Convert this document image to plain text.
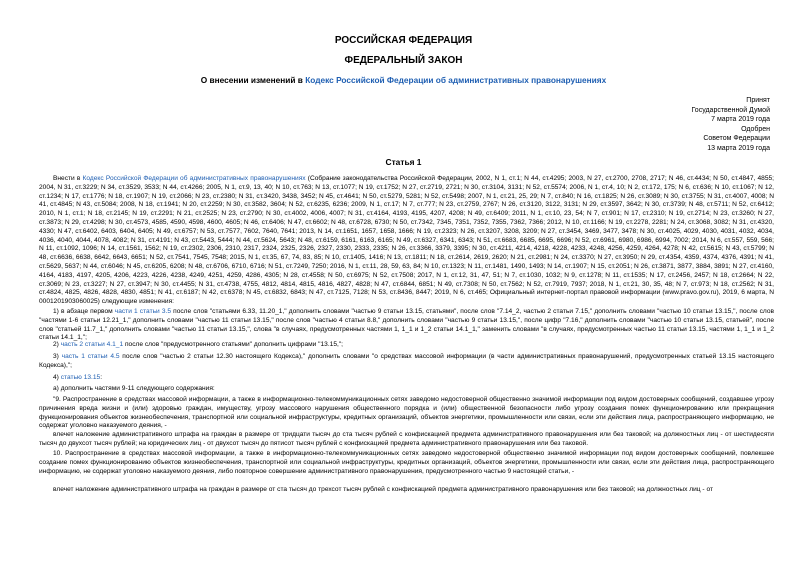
РОССИЙСКАЯ ФЕДЕРАЦИЯ
ФЕДЕРАЛЬНЫЙ ЗАКОН
О внесении изменений в Кодекс Российской Федерации об административных правонарушениях
Принят
Государственной Думой
7 марта 2019 года
Одобрен
Советом Федерации
13 марта 2019 года
Статья 1
Внести в Кодекс Российской Федерации об административных правонарушениях (Собрание законодательства Российской Федерации, 2002, N 1, ст.1; N 44, ст.4295; 2003, N 27, ст.2700, 2708, 2717; N 46, ст.4434; N 50, ст.4847, 4855; 2004, N 31, ст.3229; N 34, ст.3529, 3533; N 44, ст.4266; 2005, N 1, ст.9, 13, 40; N 10, ст.763; N 13, ст.1077; N 19, ст.1752; N 27, ст.2719, 2721; N 30, ст.3104, 3131; N 52, ст.5574; 2006, N 1, ст.4, 10; N 2, ст.172, 175; N 6, ст.636; N 10, ст.1067; N 12, ст.1234; N 17, ст.1776; N 18, ст.1907; N 19, ст.2066; N 23, ст.2380; N 31, ст.3420, 3438, 3452; N 45, ст.4641; N 50, ст.5279, 5281; N 52, ст.5498; 2007, N 1, ст.21, 25, 29; N 7, ст.840; N 16, ст.1825; N 26, ст.3089; N 30, ст.3755; N 31, ст.4007, 4008; N 41, ст.4845; N 43, ст.5084; 2008, N 18, ст.1941; N 20, ст.2259; N 30, ст.3582, 3604; N 52, ст.6235, 6236; 2009, N 1, ст.17; N 7, ст.777; N 23, ст.2759, 2767; N 26, ст.3120, 3122, 3131; N 29, ст.3597, 3642; N 30, ст.3739; N 48, ст.5711; N 52, ст.6412; 2010, N 1, ст.1; N 18, ст.2145; N 19, ст.2291; N 21, ст.2525; N 23, ст.2790; N 30, ст.4002, 4006, 4007; N 31, ст.4164, 4193, 4195, 4207, 4208; N 49, ст.6409; 2011, N 1, ст.10, 23, 54; N 7, ст.901; N 17, ст.2310; N 19, ст.2714; N 23, ст.3260; N 27, ст.3873; N 29, ст.4298; N 30, ст.4573, 4585, 4590, 4598, 4600, 4605; N 46, ст.6406; N 47, ст.6602; N 48, ст.6728, 6730; N 50, ст.7342, 7345, 7351, 7352, 7355, 7362, 7366; 2012, N 10, ст.1166; N 19, ст.2278, 2281; N 24, ст.3068, 3082; N 31, ст.4320, 4330; N 47, ст.6402, 6403, 6404, 6405; N 49, ст.6757; N 53, ст.7577, 7602, 7640, 7641; 2013, N 14, ст.1651, 1657, 1658, 1666; N 19, ст.2323; N 26, ст.3207, 3208, 3209; N 27, ст.3454, 3469, 3477, 3478; N 30, ст.4025, 4029, 4030, 4031, 4032, 4034, 4036, 4040, 4044, 4078, 4082; N 31, ст.4191; N 43, ст.5443, 5444; N 44, ст.5624, 5643; N 48, ст.6159, 6161, 6163, 6165; N 49, ст.6327, 6341, 6343; N 51, ст.6683, 6685, 6695, 6696; N 52, ст.6961, 6980, 6986, 6994, 7002; 2014, N 6, ст.557, 559, 566; N 11, ст.1092, 1096; N 14, ст.1561, 1562; N 19, ст.2302, 2306, 2310, 2317, 2324, 2325, 2326, 2327, 2330, 2333, 2335; N 26, ст.3366, 3379, 3395; N 30, ст.4211, 4214, 4218, 4228, 4233, 4248, 4256, 4259, 4264, 4278; N 42, ст.5615; N 43, ст.5799; N 48, ст.6636, 6638, 6642, 6643, 6651; N 52, ст.7541, 7545, 7548; 2015, N 1, ст.35, 67, 74, 83, 85; N 10, ст.1405, 1416; N 13, ст.1811; N 18, ст.2614, 2619, 2620; N 21, ст.2981; N 24, ст.3370; N 27, ст.3950; N 29, ст.4354, 4359, 4374, 4376, 4391; N 41, ст.5629, 5637; N 44, ст.6046; N 45, ст.6205, 6208; N 48, ст.6706, 6710, 6716; N 51, ст.7249, 7250; 2016, N 1, ст.11, 28, 59, 63, 84; N 10, ст.1323; N 11, ст.1481, 1490, 1493; N 14, ст.1907; N 15, ст.2051; N 26, ст.3871, 3877, 3884, 3891; N 27, ст.4160, 4164, 4183, 4197, 4205, 4206, 4223, 4226, 4238, 4249, 4251, 4259, 4286, 4305; N 28, ст.4558; N 50, ст.6975; N 52, ст.7508; 2017, N 1, ст.12, 31, 47, 51; N 7, ст.1030, 1032; N 9, ст.1278; N 11, ст.1535; N 17, ст.2456, 2457; N 18, ст.2664; N 22, ст.3069; N 23, ст.3227; N 27, ст.3947; N 30, ст.4455; N 31, ст.4738, 4755, 4812, 4814, 4815, 4816, 4827, 4828; N 47, ст.6844, 6851; N 49, ст.7308; N 50, ст.7562; N 52, ст.7919, 7937; 2018, N 1, ст.21, 30, 35, 48; N 7, ст.973; N 18, ст.2562; N 31, ст.4824, 4825, 4826, 4828, 4830, 4851; N 41, ст.6187; N 42, ст.6378; N 45, ст.6832, 6843; N 47, ст.7125, 7128; N 53, ст.8436, 8447; 2019, N 6, ст.465; Официальный интернет-портал правовой информации (www.pravo.gov.ru), 2019, 6 марта, N 0001201903060025) следующие изменения:
1) в абзаце первом части 1 статьи 3.5 после слов "статьями 6.33, 11.20_1," дополнить словами "частью 9 статьи 13.15, статьями", после слов "7.14_2, частью 2 статьи 7.15," дополнить словами "частью 10 статьи 13.15,", после слов "частями 1-6 статьи 12.21_1," дополнить словами "частью 11 статьи 13.15," после слов "частью 4 статьи 8.8," дополнить словами "частью 9 статьи 13.15,", после цифр "7.16," дополнить словами "частью 10 статьи 13.15, статьей", после слов "статьей 11.7_1," дополнить словами "частью 11 статьи 13.15,", слова "в случаях, предусмотренных частями 1, 1_1 и 1_2 статьи 14.1_1," заменить словами "в случаях, предусмотренных частью 11 статьи 13.15, частями 1, 1_1 и 1_2 статьи 14.1_1,";
2) часть 2 статьи 4.1_1 после слов "предусмотренного статьями" дополнить цифрами "13.15,";
3) часть 1 статьи 4.5 после слов "частью 2 статьи 12.30 настоящего Кодекса)," дополнить словами "о средствах массовой информации (в части административных правонарушений, предусмотренных статьей 13.15 настоящего Кодекса),";
4) статью 13.15:
а) дополнить частями 9-11 следующего содержания:
"9. Распространение в средствах массовой информации, а также в информационно-телекоммуникационных сетях заведомо недостоверной общественно значимой информации под видом достоверных сообщений, создавшее угрозу причинения вреда жизни и (или) здоровью граждан, имуществу, угрозу массового нарушения общественного порядка и (или) общественной безопасности либо угрозу создания помех функционированию или прекращения функционирования объектов жизнеобеспечения, транспортной или социальной инфраструктуры, кредитных организаций, объектов энергетики, промышленности или связи, если эти действия лица, распространяющего информацию, не содержат уголовно наказуемого деяния, -
влечет наложение административного штрафа на граждан в размере от тридцати тысяч до ста тысяч рублей с конфискацией предмета административного правонарушения или без таковой; на должностных лиц - от шестидесяти тысяч до двухсот тысяч рублей; на юридических лиц - от двухсот тысяч до пятисот тысяч рублей с конфискацией предмета административного правонарушения или без таковой.
10. Распространение в средствах массовой информации, а также в информационно-телекоммуникационных сетях заведомо недостоверной общественно значимой информации под видом достоверных сообщений, повлекшее создание помех функционированию объектов жизнеобеспечения, транспортной или социальной инфраструктуры, кредитных организаций, объектов энергетики, промышленности или связи, если эти действия лица, распространяющего информацию, не содержат уголовно наказуемого деяния, либо повторное совершение административного правонарушения, предусмотренного частью 9 настоящей статьи, -
влечет наложение административного штрафа на граждан в размере от ста тысяч до трехсот тысяч рублей с конфискацией предмета административного правонарушения или без таковой; на должностных лиц - от
